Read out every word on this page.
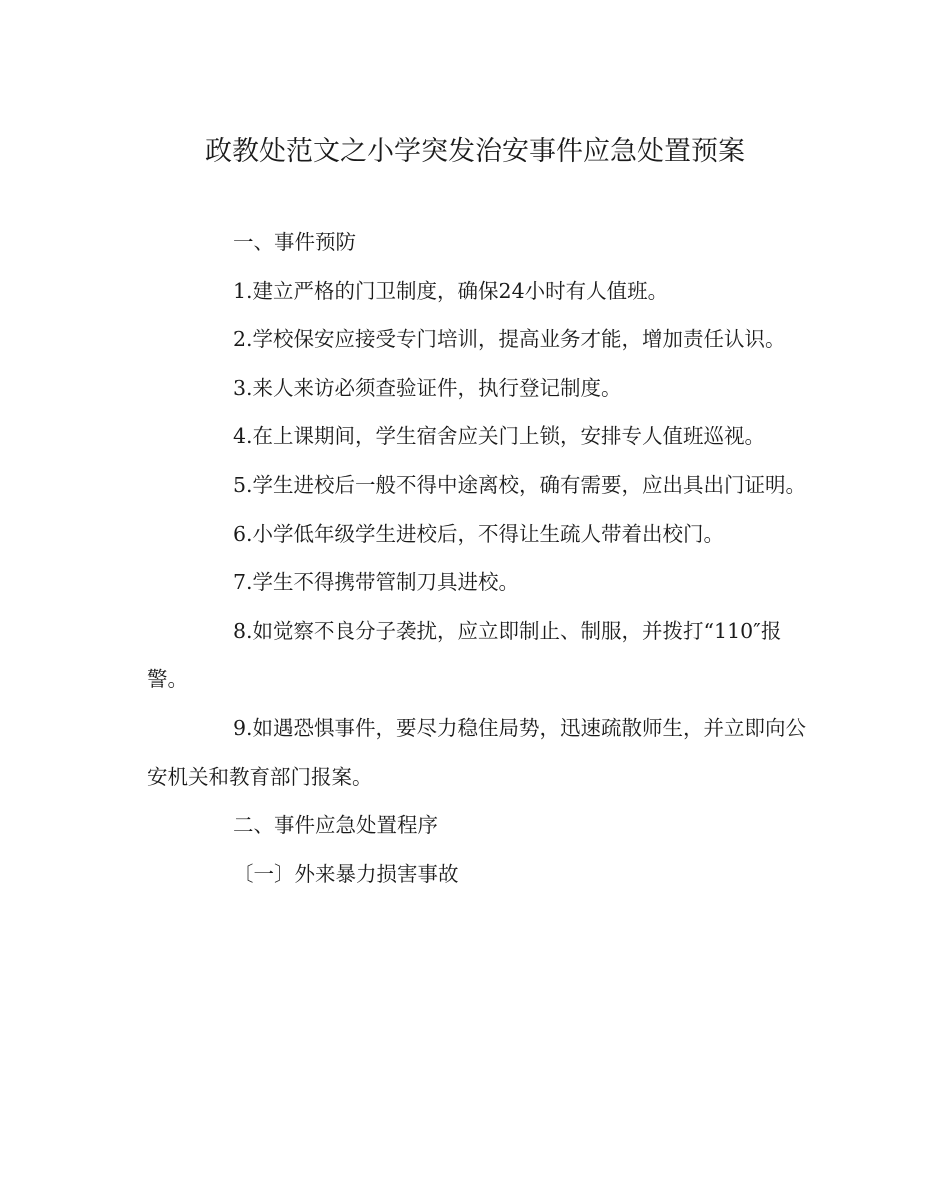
政教处范文之小学突发治安事件应急处置预案

一、事件预防

1.建立严格的门卫制度，确保24小时有人值班。

2.学校保安应接受专门培训，提高业务才能，增加责任认识。

3.来人来访必须查验证件，执行登记制度。

4.在上课期间，学生宿舍应关门上锁，安排专人值班巡视。

5.学生进校后一般不得中途离校，确有需要，应出具出门证明。

6.小学低年级学生进校后，不得让生疏人带着出校门。

7.学生不得携带管制刀具进校。

8.如觉察不良分子袭扰，应立即制止、制服，并拨打“110″报警。

9.如遇恐惧事件，要尽力稳住局势，迅速疏散师生，并立即向公安机关和教育部门报案。

二、事件应急处置程序

〔一〕外来暴力损害事故
